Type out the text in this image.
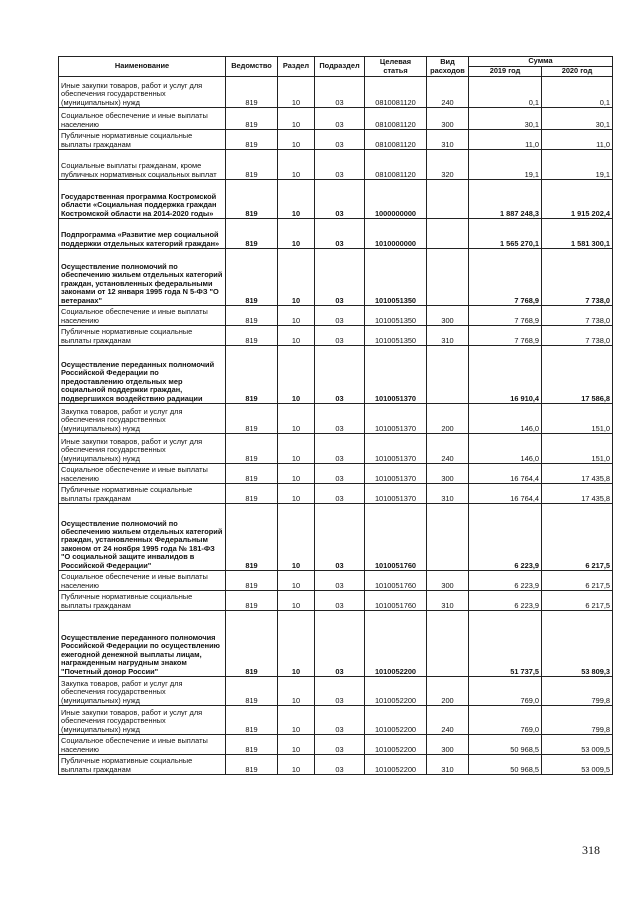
Наименование	Ведомство	Раздел	Подраздел	Целевая статья	Вид расходов	Сумма	
						2019 год	2020 год
Иные закупки товаров, работ и услуг для обеспечения государственных (муниципальных) нужд	819	10	03	0810081120	240	0,1	0,1
Социальное обеспечение и иные выплаты населению	819	10	03	0810081120	300	30,1	30,1
Публичные нормативные социальные выплаты гражданам	819	10	03	0810081120	310	11,0	11,0
Социальные выплаты гражданам, кроме публичных нормативных социальных выплат	819	10	03	0810081120	320	19,1	19,1
Государственная программа Костромской области «Социальная поддержка граждан Костромской области на 2014-2020 годы»	819	10	03	1000000000		1 887 248,3	1 915 202,4
Подпрограмма «Развитие мер социальной поддержки отдельных категорий граждан»	819	10	03	1010000000		1 565 270,1	1 581 300,1
Осуществление полномочий по обеспечению жильем отдельных категорий граждан, установленных федеральными законами от 12 января 1995 года N 5-ФЗ "О ветеранах"	819	10	03	1010051350		7 768,9	7 738,0
Социальное обеспечение и иные выплаты населению	819	10	03	1010051350	300	7 768,9	7 738,0
Публичные нормативные социальные выплаты гражданам	819	10	03	1010051350	310	7 768,9	7 738,0
Осуществление переданных полномочий Российской Федерации по предоставлению отдельных мер социальной поддержки граждан, подвергшихся воздействию радиации	819	10	03	1010051370		16 910,4	17 586,8
Закупка товаров, работ и услуг для обеспечения государственных (муниципальных) нужд	819	10	03	1010051370	200	146,0	151,0
Иные закупки товаров, работ и услуг для обеспечения государственных (муниципальных) нужд	819	10	03	1010051370	240	146,0	151,0
Социальное обеспечение и иные выплаты населению	819	10	03	1010051370	300	16 764,4	17 435,8
Публичные нормативные социальные выплаты гражданам	819	10	03	1010051370	310	16 764,4	17 435,8
Осуществление полномочий по обеспечению жильем отдельных категорий граждан, установленных Федеральным законом от 24 ноября 1995 года № 181-ФЗ "О социальной защите инвалидов в Российской Федерации"	819	10	03	1010051760		6 223,9	6 217,5
Социальное обеспечение и иные выплаты населению	819	10	03	1010051760	300	6 223,9	6 217,5
Публичные нормативные социальные выплаты гражданам	819	10	03	1010051760	310	6 223,9	6 217,5
Осуществление переданного полномочия Российской Федерации по осуществлению ежегодной денежной выплаты лицам, награжденным нагрудным знаком "Почетный донор России"	819	10	03	1010052200		51 737,5	53 809,3
Закупка товаров, работ и услуг для обеспечения государственных (муниципальных) нужд	819	10	03	1010052200	200	769,0	799,8
Иные закупки товаров, работ и услуг для обеспечения государственных (муниципальных) нужд	819	10	03	1010052200	240	769,0	799,8
Социальное обеспечение и иные выплаты населению	819	10	03	1010052200	300	50 968,5	53 009,5
Публичные нормативные социальные выплаты гражданам	819	10	03	1010052200	310	50 968,5	53 009,5
318
